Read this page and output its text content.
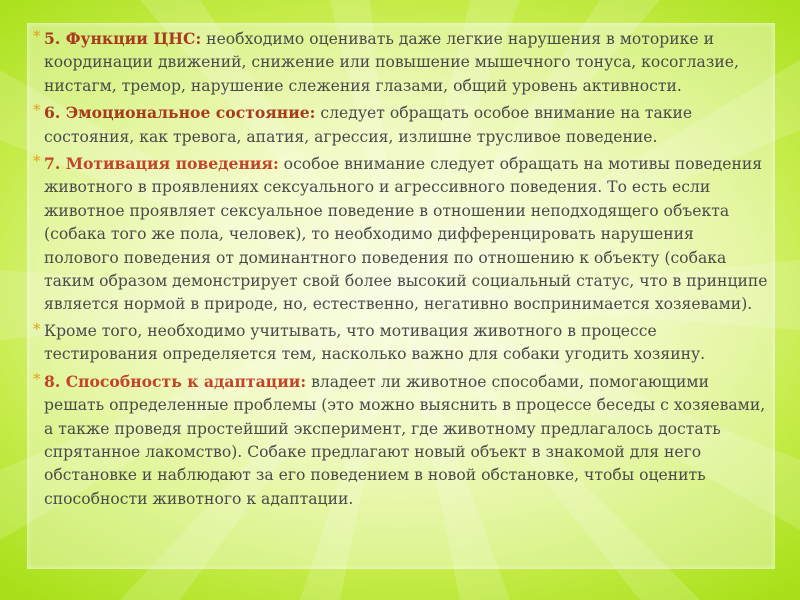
* 5. Функции ЦНС: необходимо оценивать даже легкие нарушения в моторике и координации движений, снижение или повышение мышечного тонуса, косоглазие, нистагм, тремор, нарушение слежения глазами, общий уровень активности.

* 6. Эмоциональное состояние: следует обращать особое внимание на такие состояния, как тревога, апатия, агрессия, излишне трусливое поведение.

* 7. Мотивация поведения: особое внимание следует обращать на мотивы поведения животного в проявлениях сексуального и агрессивного поведения. То есть если животное проявляет сексуальное поведение в отношении неподходящего объекта (собака того же пола, человек), то необходимо дифференцировать нарушения полового поведения от доминантного поведения по отношению к объекту (собака таким образом демонстрирует свой более высокий социальный статус, что в принципе является нормой в природе, но, естественно, негативно воспринимается хозяевами).

* Кроме того, необходимо учитывать, что мотивация животного в процессе тестирования определяется тем, насколько важно для собаки угодить хозяину.

* 8. Способность к адаптации: владеет ли животное способами, помогающими решать определенные проблемы (это можно выяснить в процессе беседы с хозяевами, а также проведя простейший эксперимент, где животному предлагалось достать спрятанное лакомство). Собаке предлагают новый объект в знакомой для него обстановке и наблюдают за его поведением в новой обстановке, чтобы оценить способности животного к адаптации.
